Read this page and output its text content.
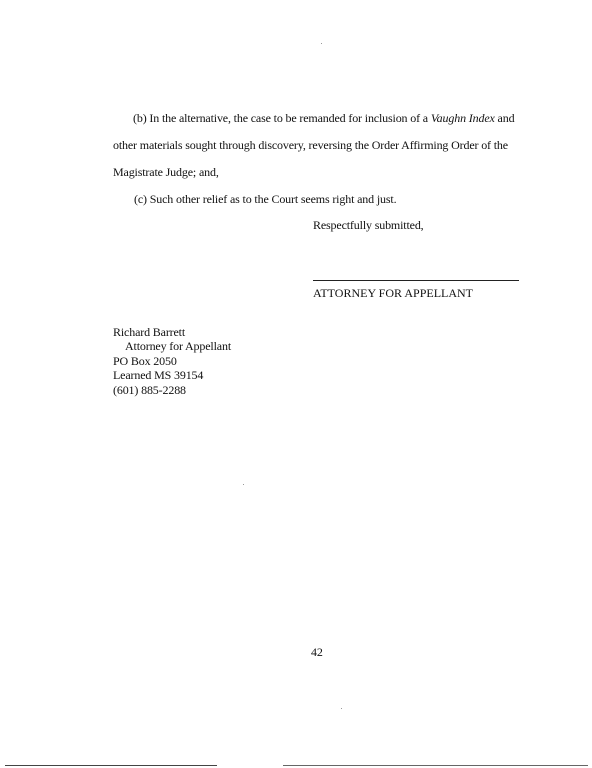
(b) In the alternative, the case to be remanded for inclusion of a Vaughn Index and
other materials sought through discovery, reversing the Order Affirming Order of the
Magistrate Judge; and,
(c) Such other relief as to the Court seems right and just.
Respectfully submitted,
ATTORNEY FOR APPELLANT
Richard Barrett
Attorney for Appellant
PO Box 2050
Learned MS 39154
(601) 885-2288
42
